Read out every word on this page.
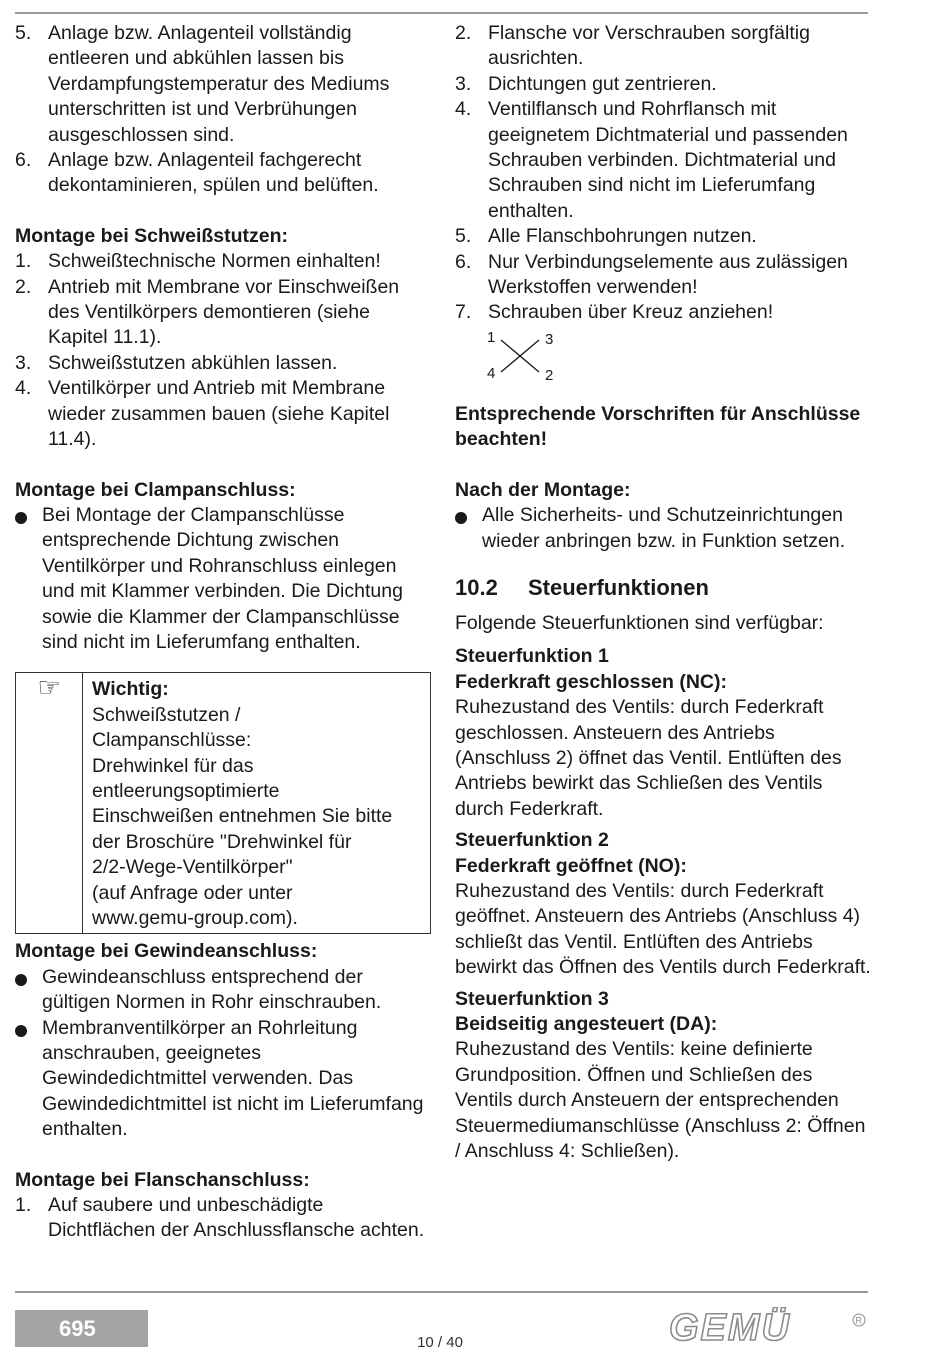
5. Anlage bzw. Anlagenteil vollständig entleeren und abkühlen lassen bis Verdampfungstemperatur des Mediums unterschritten ist und Verbrühungen ausgeschlossen sind.
6. Anlage bzw. Anlagenteil fachgerecht dekontaminieren, spülen und belüften.
Montage bei Schweißstutzen:
1. Schweißtechnische Normen einhalten!
2. Antrieb mit Membrane vor Einschweißen des Ventilkörpers demontieren (siehe Kapitel 11.1).
3. Schweißstutzen abkühlen lassen.
4. Ventilkörper und Antrieb mit Membrane wieder zusammen bauen (siehe Kapitel 11.4).
Montage bei Clampanschluss:
Bei Montage der Clampanschlüsse entsprechende Dichtung zwischen Ventilkörper und Rohranschluss einlegen und mit Klammer verbinden. Die Dichtung sowie die Klammer der Clampanschlüsse sind nicht im Lieferumfang enthalten.
☞	Wichtig:
Schweißstutzen /
Clampanschlüsse:
Drehwinkel für das
entleerungsoptimierte
Einschweißen entnehmen Sie bitte
der Broschüre "Drehwinkel für
2/2-Wege-Ventilkörper"
(auf Anfrage oder unter
www.gemu-group.com).
Montage bei Gewindeanschluss:
Gewindeanschluss entsprechend der gültigen Normen in Rohr einschrauben.
Membranventilkörper an Rohrleitung anschrauben, geeignetes Gewindedichtmittel verwenden. Das Gewindedichtmittel ist nicht im Lieferumfang enthalten.
Montage bei Flanschanschluss:
1. Auf saubere und unbeschädigte Dichtflächen der Anschlussflansche achten.
2. Flansche vor Verschrauben sorgfältig ausrichten.
3. Dichtungen gut zentrieren.
4. Ventilflansch und Rohrflansch mit geeignetem Dichtmaterial und passenden Schrauben verbinden. Dichtmaterial und Schrauben sind nicht im Lieferumfang enthalten.
5. Alle Flanschbohrungen nutzen.
6. Nur Verbindungselemente aus zulässigen Werkstoffen verwenden!
7. Schrauben über Kreuz anziehen!
1	3
4	2
Entsprechende Vorschriften für Anschlüsse beachten!
Nach der Montage:
Alle Sicherheits- und Schutzeinrichtungen wieder anbringen bzw. in Funktion setzen.
10.2 Steuerfunktionen
Folgende Steuerfunktionen sind verfügbar:
Steuerfunktion 1
Federkraft geschlossen (NC):
Ruhezustand des Ventils: durch Federkraft geschlossen. Ansteuern des Antriebs (Anschluss 2) öffnet das Ventil. Entlüften des Antriebs bewirkt das Schließen des Ventils durch Federkraft.
Steuerfunktion 2
Federkraft geöffnet (NO):
Ruhezustand des Ventils: durch Federkraft geöffnet. Ansteuern des Antriebs (Anschluss 4) schließt das Ventil. Entlüften des Antriebs bewirkt das Öffnen des Ventils durch Federkraft.
Steuerfunktion 3
Beidseitig angesteuert (DA):
Ruhezustand des Ventils: keine definierte Grundposition. Öffnen und Schließen des Ventils durch Ansteuern der entsprechenden Steuermediumanschlüsse (Anschluss 2: Öffnen / Anschluss 4: Schließen).
695
10 / 40	GEMÜ	R
